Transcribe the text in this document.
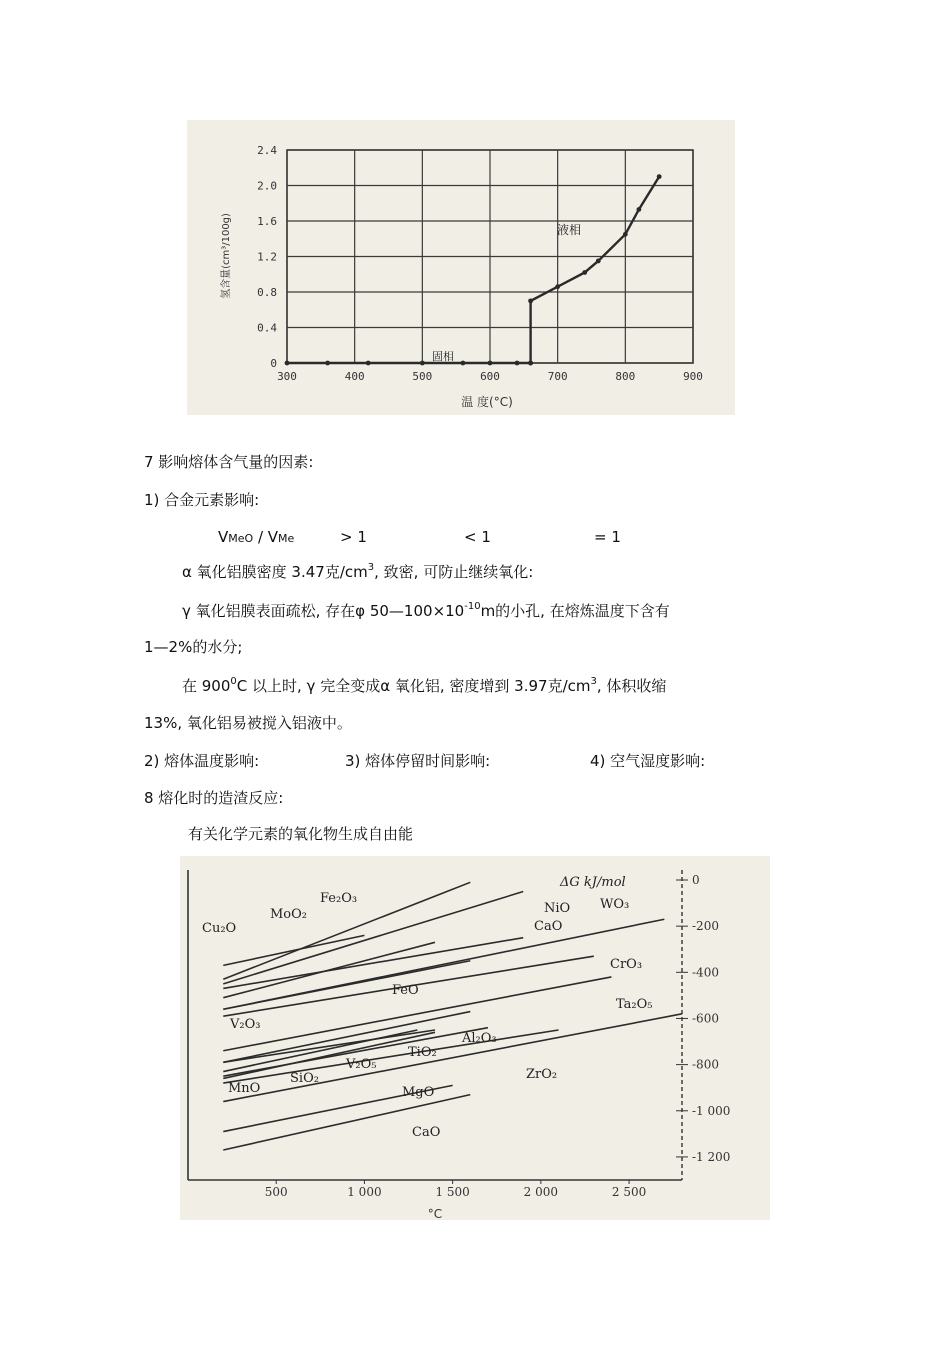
300	400	500	600	700	800	900
0
0.4
0.8
1.2
1.6
2.0
2.4
液相
固相
温 度(°C)
氢含量(cm³/100g)
7 影响熔体含气量的因素:
1) 合金元素影响:
VMeO / VMe	> 1	< 1	= 1
α 氧化铝膜密度 3.47克$/cm^3$, 致密, 可防止继续氧化:
γ 氧化铝膜表面疏松, 存在φ $50—100\times 10^{-10}m$的小孔, 在熔炼温度下含有
1—2%的水分;
在 $900^0C$ 以上时, γ 完全变成α 氧化铝, 密度增到 3.97克$/cm^3$, 体积收缩
13%, 氧化铝易被搅入铝液中。
2) 熔体温度影响:	3) 熔体停留时间影响:	4) 空气湿度影响:
8 熔化时的造渣反应:
有关化学元素的氧化物生成自由能
500	1 000	1 500	2 000	2 500
0
-200
-400
-600
-800
-1 000
-1 200
ΔG kJ/mol
°C
Fe₂O₃
MoO₂
Cu₂O
NiO WO₃
CaO
CrO₃
FeO
Ta₂O₅
V₂O₃
Al₂O₃
TiO₂
V₂O₅
SiO₂
MnO
ZrO₂
MgO
CaO
